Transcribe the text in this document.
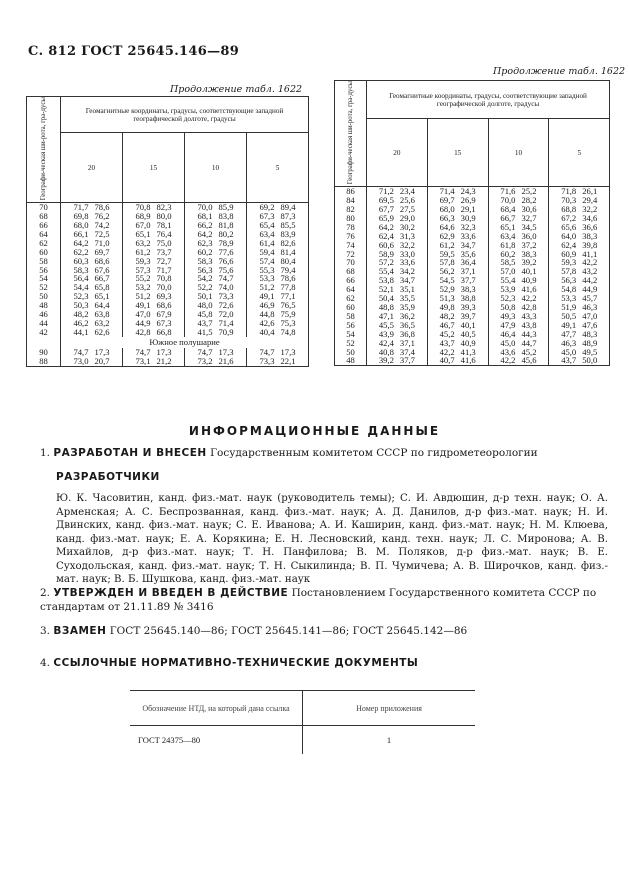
С. 812 ГОСТ 25645.146—89
Продолжение табл. 1622
Продолжение табл. 1622
Географи-ческая ши-рота, гра-дусы	Геомагнитные координаты, градусы, соответствующие западной географической долготе, градусы							
	20		15		10		5	
70	71,7	78,6	70,8	82,3	70,0	85,9	69,2	89,4
68	69,8	76,2	68,9	80,0	68,1	83,8	67,3	87,3
66	68,0	74,2	67,0	78,1	66,2	81,8	65,4	85,5
64	66,1	72,5	65,1	76,4	64,2	80,2	63,4	83,9
62	64,2	71,0	63,2	75,0	62,3	78,9	61,4	82,6
60	62,2	69,7	61,2	73,7	60,2	77,6	59,4	81,4
58	60,3	68,6	59,3	72,7	58,3	76,6	57,4	80,4
56	58,3	67,6	57,3	71,7	56,3	75,6	55,3	79,4
54	56,4	66,7	55,2	70,8	54,2	74,7	53,3	78,6
52	54,4	65,8	53,2	70,0	52,2	74,0	51,2	77,8
50	52,3	65,1	51,2	69,3	50,1	73,3	49,1	77,1
48	50,3	64,4	49,1	68,6	48,0	72,6	46,9	76,5
46	48,2	63,8	47,0	67,9	45,8	72,0	44,8	75,9
44	46,2	63,2	44,9	67,3	43,7	71,4	42,6	75,3
42	44,1	62,6	42,8	66,8	41,5	70,9	40,4	74,8
	Южное полушарие							
90	74,7	17,3	74,7	17,3	74,7	17,3	74,7	17,3
88	73,0	20,7	73,1	21,2	73,2	21,6	73,3	22,1
Географи-ческая ши-рота, гра-дусы	Геомагнитные координаты, градусы, соответствующие западной географической долготе, градусы							
	20		15		10		5	
86	71,2	23,4	71,4	24,3	71,6	25,2	71,8	26,1
84	69,5	25,6	69,7	26,9	70,0	28,2	70,3	29,4
82	67,7	27,5	68,0	29,1	68,4	30,6	68,8	32,2
80	65,9	29,0	66,3	30,9	66,7	32,7	67,2	34,6
78	64,2	30,2	64,6	32,3	65,1	34,5	65,6	36,6
76	62,4	31,3	62,9	33,6	63,4	36,0	64,0	38,3
74	60,6	32,2	61,2	34,7	61,8	37,2	62,4	39,8
72	58,9	33,0	59,5	35,6	60,2	38,3	60,9	41,1
70	57,2	33,6	57,8	36,4	58,5	39,2	59,3	42,2
68	55,4	34,2	56,2	37,1	57,0	40,1	57,8	43,2
66	53,8	34,7	54,5	37,7	55,4	40,9	56,3	44,2
64	52,1	35,1	52,9	38,3	53,9	41,6	54,8	44,9
62	50,4	35,5	51,3	38,8	52,3	42,2	53,3	45,7
60	48,8	35,9	49,8	39,3	50,8	42,8	51,9	46,3
58	47,1	36,2	48,2	39,7	49,3	43,3	50,5	47,0
56	45,5	36,5	46,7	40,1	47,9	43,8	49,1	47,6
54	43,9	36,8	45,2	40,5	46,4	44,3	47,7	48,3
52	42,4	37,1	43,7	40,9	45,0	44,7	46,3	48,9
50	40,8	37,4	42,2	41,3	43,6	45,2	45,0	49,5
48	39,2	37,7	40,7	41,6	42,2	45,6	43,7	50,0
ИНФОРМАЦИОННЫЕ ДАННЫЕ
1. РАЗРАБОТАН И ВНЕСЕН Государственным комитетом СССР по гидрометеорологии
РАЗРАБОТЧИКИ
Ю. К. Часовитин, канд. физ.-мат. наук (руководитель темы); С. И. Авдюшин, д-р техн. наук; О. А. Арменская; А. С. Беспрозванная, канд. физ.-мат. наук; А. Д. Данилов, д-р физ.-мат. наук; Н. И. Двинских, канд. физ.-мат. наук; С. Е. Иванова; А. И. Каширин, канд. физ.-мат. наук; Н. М. Клюева, канд. физ.-мат. наук; Е. А. Корякина; Е. Н. Лесновский, канд. техн. наук; Л. С. Миронова; А. В. Михайлов, д-р физ.-мат. наук; Т. Н. Панфилова; В. М. Поляков, д-р физ.-мат. наук; В. Е. Суходольская, канд. физ.-мат. наук; Т. Н. Сыкилинда; В. П. Чумичева; А. В. Широчков, канд. физ.-мат. наук; В. Б. Шушкова, канд. физ.-мат. наук
2. УТВЕРЖДЕН И ВВЕДЕН В ДЕЙСТВИЕ Постановлением Государственного комитета СССР по стандартам от 21.11.89 № 3416
3. ВЗАМЕН ГОСТ 25645.140—86; ГОСТ 25645.141—86; ГОСТ 25645.142—86
4. ССЫЛОЧНЫЕ НОРМАТИВНО-ТЕХНИЧЕСКИЕ ДОКУМЕНТЫ
Обозначение НТД, на который дана ссылка	Номер приложения
ГОСТ 24375—80	1
